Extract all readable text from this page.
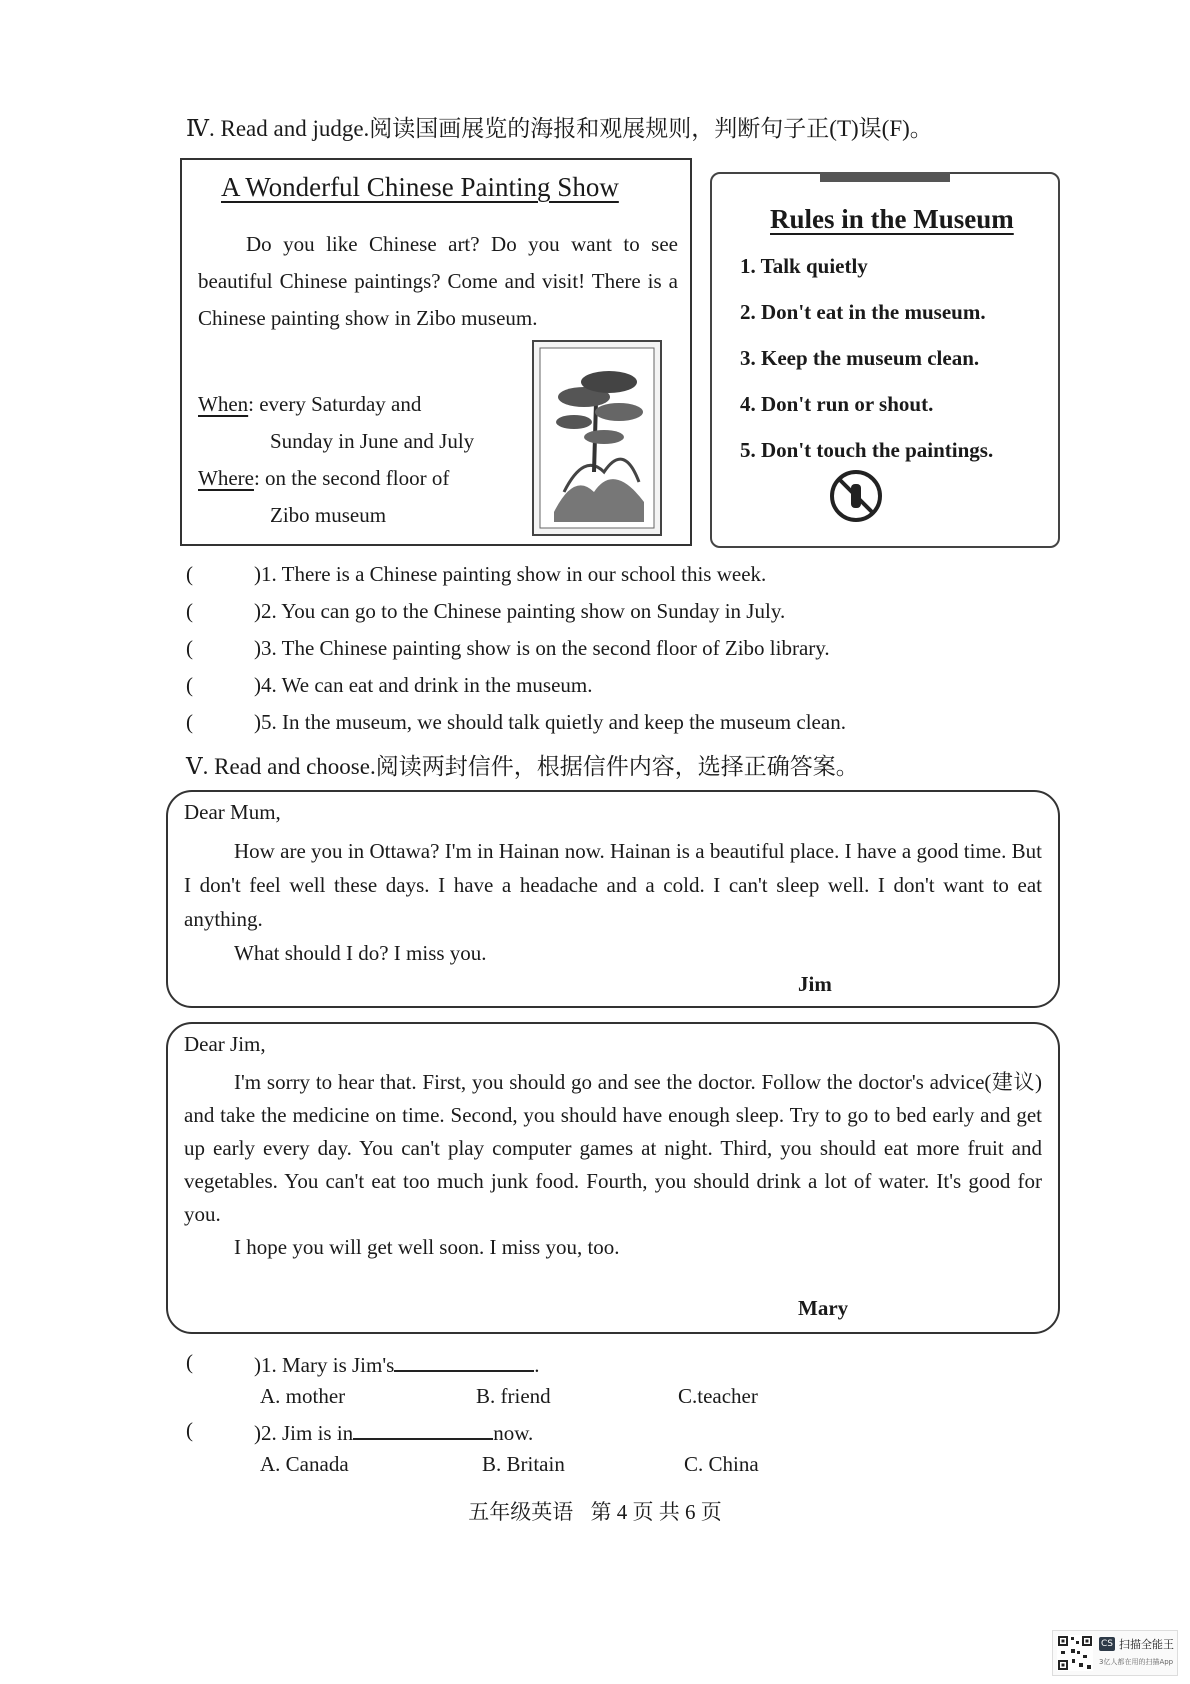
Ⅳ. Read and judge.阅读国画展览的海报和观展规则，判断句子正(T)误(F)。
A Wonderful Chinese Painting Show

Do you like Chinese art? Do you want to see beautiful Chinese paintings? Come and visit! There is a Chinese painting show in Zibo museum.

When: every Saturday and
Sunday in June and July
Where: on the second floor of
Zibo museum
Rules in the Museum
1. Talk quietly
2. Don't eat in the museum.
3. Keep the museum clean.
4. Don't run or shout.
5. Don't touch the paintings.
(	)1. There is a Chinese painting show in our school this week.
(	)2. You can go to the Chinese painting show on Sunday in July.
(	)3. The Chinese painting show is on the second floor of Zibo library.
(	)4. We can eat and drink in the museum.
(	)5. In the museum, we should talk quietly and keep the museum clean.
Ⅴ. Read and choose.阅读两封信件，根据信件内容，选择正确答案。
Dear Mum,

How are you in Ottawa? I'm in Hainan now. Hainan is a beautiful place. I have a good time. But I don't feel well these days. I have a headache and a cold. I can't sleep well. I don't want to eat anything.

What should I do? I miss you.

Jim
Dear Jim,

I'm sorry to hear that. First, you should go and see the doctor. Follow the doctor's advice(建议) and take the medicine on time. Second, you should have enough sleep. Try to go to bed early and get up early every day. You can't play computer games at night. Third, you should eat more fruit and vegetables. You can't eat too much junk food. Fourth, you should drink a lot of water. It's good for you.

I hope you will get well soon. I miss you, too.

Mary
(	)1. Mary is Jim's	.
A. mother	B. friend	C.teacher
(	)2. Jim is in	now.
A. Canada	B. Britain	C. China
五年级英语 第 4 页 共 6 页
CS 扫描全能王
3亿人都在用的扫描App
